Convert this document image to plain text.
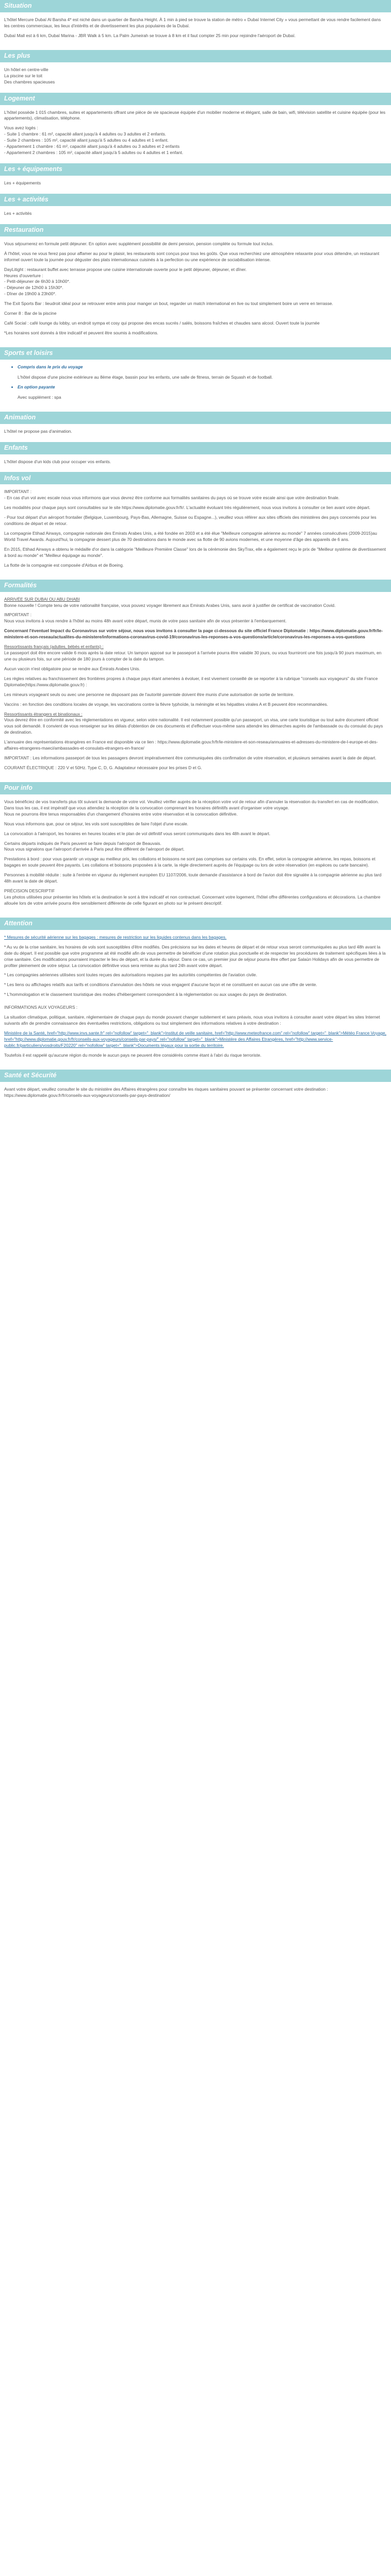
Situation

L'hôtel Mercure Dubaï Al Barsha 4* est niché dans un quartier de Barsha Height. À 1 min à pied se trouve la station de métro « Dubaï Internet City » vous permettant de vous rendre facilement dans les centres commerciaux, les lieux d'intérêts et de divertissement les plus populaires de la Dubaï.

Dubaï Mall est à 6 km, Dubaï Marina - JBR Walk à 5 km. La Palm Jumeirah se trouve à 8 km et il faut compter 25 min pour rejoindre l'aéroport de Dubaï.

Les plus
Un hôtel en centre-ville
La piscine sur le toit
Des chambres spacieuses
Logement

L'hôtel possède 1 015 chambres, suites et appartements offrant une pièce de vie spacieuse équipée d'un mobilier moderne et élégant, salle de bain, wifi, télévision satellite et cuisine équipée (pour les appartements), climatisation, téléphone.

Vous avez logés :
- Suite 1 chambre : 61 m², capacité allant jusqu'à 4 adultes ou 3 adultes et 2 enfants.
- Suite 2 chambres : 105 m², capacité allant jusqu'à 5 adultes ou 4 adultes et 1 enfant.
- Appartement 1 chambre : 61 m², capacité allant jusqu'à 4 adultes ou 3 adultes et 2 enfants
- Appartement 2 chambres : 105 m², capacité allant jusqu'à 5 adultes ou 4 adultes et 1 enfant.
Les + équipements
Les + équipements
Les + activités
Les + activités
Restauration

Vous séjournerez en formule petit déjeuner. En option avec supplément possibilité de demi pension, pension complète ou formule tout inclus.

À l'hôtel, vous ne vous ferez pas pour affamer au pour le plaisir, les restaurants sont conçus pour tous les goûts. Que vous recherchiez une atmosphère relaxante pour vous détendre, un restaurant informel ouvert toute la journée pour déguster des plats internationaux cuisinés à la perfection ou une expérience de sociabilisation intense.

DayLitight : restaurant buffet avec terrasse propose une cuisine internationale ouverte pour le petit déjeuner, déjeuner, et dîner.
Heures d'ouverture :
- Petit-déjeuner de 6h30 à 10h00*.
- Déjeuner de 12h00 à 15h30*.

- Dîner de 19h00 à 23h00*.

The Exit Sports Bar : lieudroit idéal pour se retrouver entre amis pour manger un bout, regarder un match international en live ou tout simplement boire un verre en terrasse.

Corner 8 : Bar de la piscine

Café Social : café lounge du lobby, un endroit sympa et cosy qui propose des encas sucrés / salés, boissons fraîches et chaudes sans alcool. Ouvert toute la journée

*Les horaires sont donnés à titre indicatif et peuvent être soumis à modifications.

Sports et loisirs
• Compris dans le prix du voyage

L'hôtel dispose d'une piscine extérieure au 8ème étage, bassin pour les enfants, une salle de fitness, terrain de Squash et de football.

• En option payante

Avec supplément : spa

Animation
L'hôtel ne propose pas d'animation.
Enfants
L'hôtel dispose d'un kids club pour occuper vos enfants.
Infos vol
IMPORTANT :

- En cas d'un vol avec escale nous vous informons que vous devrez être conforme aux formalités sanitaires du pays où se trouve votre escale ainsi que votre destination finale.

Les modalités pour chaque pays sont consultables sur le site https://www.diplomatie.gouv.fr/fr/. L'actualité évoluant très régulièrement, nous vous invitons à consulter ce lien avant votre départ.

- Pour tout départ d'un aéroport frontalier (Belgique, Luxembourg, Pays-Bas, Allemagne, Suisse ou Espagne...), veuillez vous référer aux sites officiels des ministères des pays concernés pour les conditions de départ et de retour.

La compagnie Etihad Airways, compagnie nationale des Emirats Arabes Unis, a été fondée en 2003 et a été élue "Meilleure compagnie aérienne au monde" 7 années consécutives (2009-2015)au World Travel Awards. Aujourd'hui, la compagnie dessert plus de 70 destinations dans le monde avec sa flotte de 90 avions modernes, et une moyenne d'âge des appareils de 6 ans.

En 2015, Etihad Airways a obtenu le médaille d'or dans la catégorie "Meilleure Première Classe" lors de la cérémonie des SkyTrax, elle a également reçu le prix de "Meilleur système de divertissement à bord au monde" et "Meilleur équipage au monde".

La flotte de la compagnie est composée d'Airbus et de Boeing.

Formalités
ARRIVÉE SUR DUBAI OU ABU DHABI

Bonne nouvelle ! Compte tenu de votre nationalité française, vous pouvez voyager librement aux Emirats Arabes Unis, sans avoir à justifier de certificat de vaccination Covid.

IMPORTANT :

Nous vous invitons à vous rendre à l'hôtel au moins 48h avant votre départ, munis de votre pass sanitaire afin de vous présenter à l'embarquement.

Concernant l'éventuel Impact du Coronavirus sur votre séjour, nous vous invitons à consulter la page ci-dessous du site officiel France Diplomatie : https://www.diplomatie.gouv.fr/fr/le-ministere-et-son-reseau/actualites-du-ministere/informations-coronavirus-covid-19/coronavirus-les-reponses-a-vos-questions/article/coronavirus-les-reponses-a-vos-questions

Ressortissants français (adultes, bébés et enfants) :

Le passeport doit être encore valide 6 mois après la date retour. Un tampon apposé sur le passeport à l'arrivée pourra être valable 30 jours, ou vous fourniront une fois jusqu'à 90 jours maximum, en une ou plusieurs fois, sur une période de 180 jours à compter de la date du tampon.

Aucun vaccin n'est obligatoire pour se rendre aux Émirats Arabes Unis.

Les règles relatives au franchissement des frontières propres à chaque pays étant amenées à évoluer, il est vivement conseillé de se reporter à la rubrique "conseils aux voyageurs" du site France Diplomatie(https://www.diplomatie.gouv.fr) :

Les mineurs voyageant seuls ou avec une personne ne disposant pas de l'autorité parentale doivent être munis d'une autorisation de sortie de territoire.

Vaccins : en fonction des conditions locales de voyage, les vaccinations contre la fièvre typhoïde, la méningite et les hépatites virales A et B peuvent être recommandées.

Ressortissants étrangers et binationaux :

Vous devrez être en conformité avec les réglementations en vigueur, selon votre nationalité. Il est notamment possible qu'un passeport, un visa, une carte touristique ou tout autre document officiel vous soit demandé. Il convient de vous renseigner sur les délais d'obtention de ces documents et d'effectuer vous-même sans attendre les démarches auprès de l'ambassade ou du consulat du pays de destination.

L'annuaire des représentations étrangères en France est disponible via ce lien : https://www.diplomatie.gouv.fr/fr/le-ministere-et-son-reseau/annuaires-et-adresses-du-ministere-de-l-europe-et-des-affaires-etrangeres-maeci/ambassades-et-consulats-etrangers-en-france/

IMPORTANT : Les informations passeport de tous les passagers devront impérativement être communiquées dès confirmation de votre réservation, et plusieurs semaines avant la date de départ.

COURANT ÉLECTRIQUE : 220 V et 50Hz. Type C, D, G. Adaptateur nécessaire pour les prises D et G.

Pour info
Vous bénéficiez de vos transferts plus tôt suivant la demande de votre vol. Veuillez vérifier auprès de la réception votre vol de retour afin d'annuler la réservation du transfert en cas de modification.
Dans tous les cas, il est impératif que vous attendiez la réception de la convocation comprenant les horaires définitifs avant d'organiser votre voyage.

Nous ne pourrons être tenus responsables d'un changement d'horaires entre votre réservation et la convocation définitive.

Nous vous informons que, pour ce séjour, les vols sont susceptibles de faire l'objet d'une escale.

La convocation à l'aéroport, les horaires en heures locales et le plan de vol définitif vous seront communiqués dans les 48h avant le départ.

Certains départs indiqués de Paris peuvent se faire depuis l'aéroport de Beauvais.

Nous vous signalons que l'aéroport d'arrivée à Paris peut être différent de l'aéroport de départ.

Prestations à bord : pour vous garantir un voyage au meilleur prix, les collations et boissons ne sont pas comprises sur certains vols. En effet, selon la compagnie aérienne, les repas, boissons et bagages en soute peuvent être payants. Les collations et boissons proposées à la carte, la règle directement auprès de l'équipage ou lors de votre réservation (en espèces ou carte bancaire).

Personnes à mobilité réduite : suite à l'entrée en vigueur du règlement européen EU 1107/2006, toute demande d'assistance à bord de l'avion doit être signalée à la compagnie aérienne au plus tard 48h avant la date de départ.

PRÉCISION DESCRIPTIF

Les photos utilisées pour présenter les hôtels et la destination le sont à titre indicatif et non contractuel. Concernant votre logement, l'hôtel offre différentes configurations et décorations. La chambre allouée lors de votre arrivée pourra être sensiblement différente de celle figurant en photo sur le présent descriptif.

Attention

* Mesures de sécurité aérienne sur les bagages : mesures de restriction sur les liquides contenus dans les bagages.

* Au vu de la crise sanitaire, les horaires de vols sont susceptibles d'être modifiés. Des précisions sur les dates et heures de départ et de retour vous seront communiquées au plus tard 48h avant la date du départ. Il est possible que votre programme ait été modifié afin de vous permettre de bénéficier d'une rotation plus ponctuelle et de respecter les procédures de traitement spécifiques liées à la crise sanitaire. Ces modifications pourraient impacter le lieu de départ, et la durée du séjour. Dans ce cas, un premier jour de séjour pourra être offert par Salaün Holidays afin de vous permettre de profiter pleinement de votre séjour. La convocation définitive vous sera remise au plus tard 24h avant votre départ.

* Les compagnies aériennes utilisées sont toutes reçues des autorisations requises par les autorités compétentes de l'aviation civile.

* Les liens ou affichages relatifs aux tarifs et conditions d'annulation des hôtels ne vous engagent d'aucune façon et ne constituent en aucun cas une offre de vente.

* L'hommologation et le classement touristique des modes d'hébergement correspondent à la réglementation ou aux usages du pays de destination.

INFORMATIONS AUX VOYAGEURS :

La situation climatique, politique, sanitaire, réglementaire de chaque pays du monde pouvant changer subitement et sans préavis, nous vous invitons à consulter avant votre départ les sites Internet suivants afin de prendre connaissance des éventuelles restrictions, obligations ou tout simplement des informations relatives à votre destination :

Ministère de la Santé, href="http://www.invs.sante.fr" rel="nofollow" target="_blank">Institut de veille sanitaire, href="http://www.meteofrance.com" rel="nofollow" target="_blank">Météo France Voyage, href="http://www.diplomatie.gouv.fr/fr/conseils-aux-voyageurs/conseils-par-pays/" rel="nofollow" target="_blank">Ministère des Affaires Etrangères, href="http://www.service-public.fr/particuliers/vosdroits/F20220" rel="nofollow" target="_blank">Documents légaux pour la sortie du territoire.

Toutefois il est rappelé qu'aucune région du monde le aucun pays ne peuvent être considérés comme étant à l'abri du risque terroriste.

Santé et Sécurité

Avant votre départ, veuillez consulter le site du ministère des Affaires étrangères pour connaître les risques sanitaires pouvant se présenter concernant votre destination : https://www.diplomatie.gouv.fr/fr/conseils-aux-voyageurs/conseils-par-pays-destination/
